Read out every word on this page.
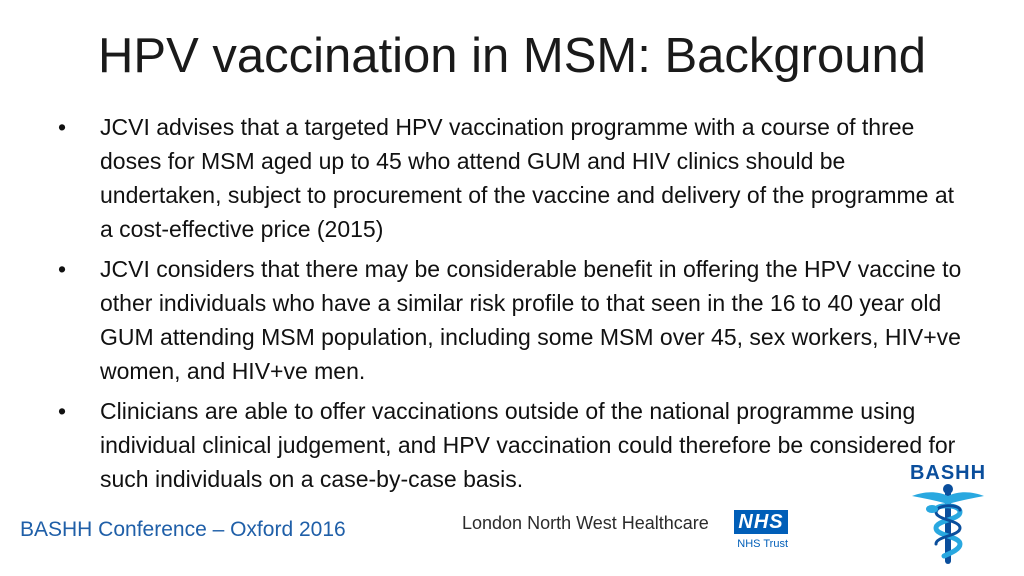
HPV vaccination in MSM: Background
• JCVI advises that a targeted HPV vaccination programme with a course of three doses for MSM aged up to 45 who attend GUM and HIV clinics should be undertaken, subject to procurement of the vaccine and delivery of the programme at a cost-effective price (2015)
• JCVI considers that there may be considerable benefit in offering the HPV vaccine to other individuals who have a similar risk profile to that seen in the 16 to 40 year old GUM attending MSM population, including some MSM over 45, sex workers, HIV+ve women, and HIV+ve men.
• Clinicians are able to offer vaccinations outside of the national programme using individual clinical judgement, and HPV vaccination could therefore be considered for such individuals on a case-by-case basis.
BASHH Conference – Oxford 2016	London North West Healthcare NHS
NHS Trust
BASHH
